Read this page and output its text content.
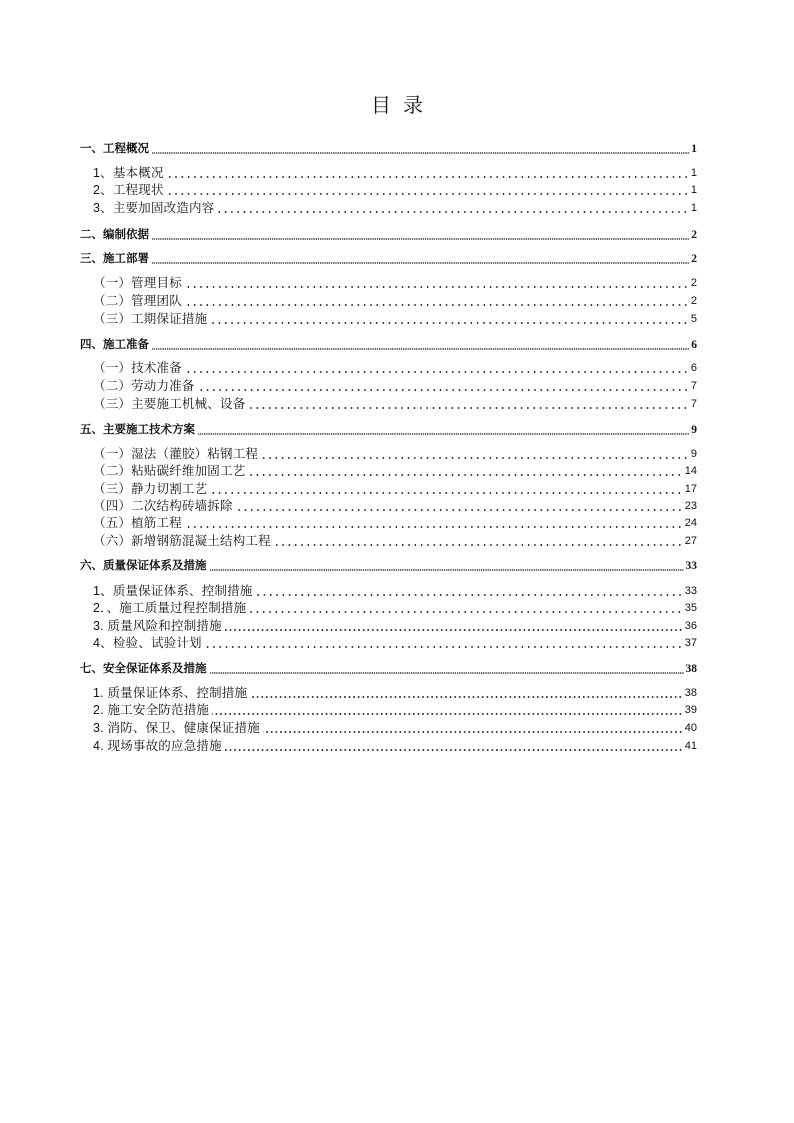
目 录
一、工程概况	1
1、基本概况	1
2、工程现状	1
3、主要加固改造内容	1
二、编制依据	2
三、施工部署	2
（一）管理目标	2
（二）管理团队	2
（三）工期保证措施	5
四、施工准备	6
（一）技术准备	6
（二）劳动力准备	7
（三）主要施工机械、设备	7
五、主要施工技术方案	9
（一）湿法（灌胶）粘钢工程	9
（二）粘贴碳纤维加固工艺	14
（三）静力切割工艺	17
（四）二次结构砖墙拆除	23
（五）植筋工程	24
（六）新增钢筋混凝土结构工程	27
六、质量保证体系及措施	33
1、质量保证体系、控制措施	33
2．、施工质量过程控制措施	35
3. 质量风险和控制措施	36
4、检验、试验计划	37
七、安全保证体系及措施	38
1. 质量保证体系、控制措施	38
2. 施工安全防范措施	39
3. 消防、保卫、健康保证措施	40
4. 现场事故的应急措施	41
